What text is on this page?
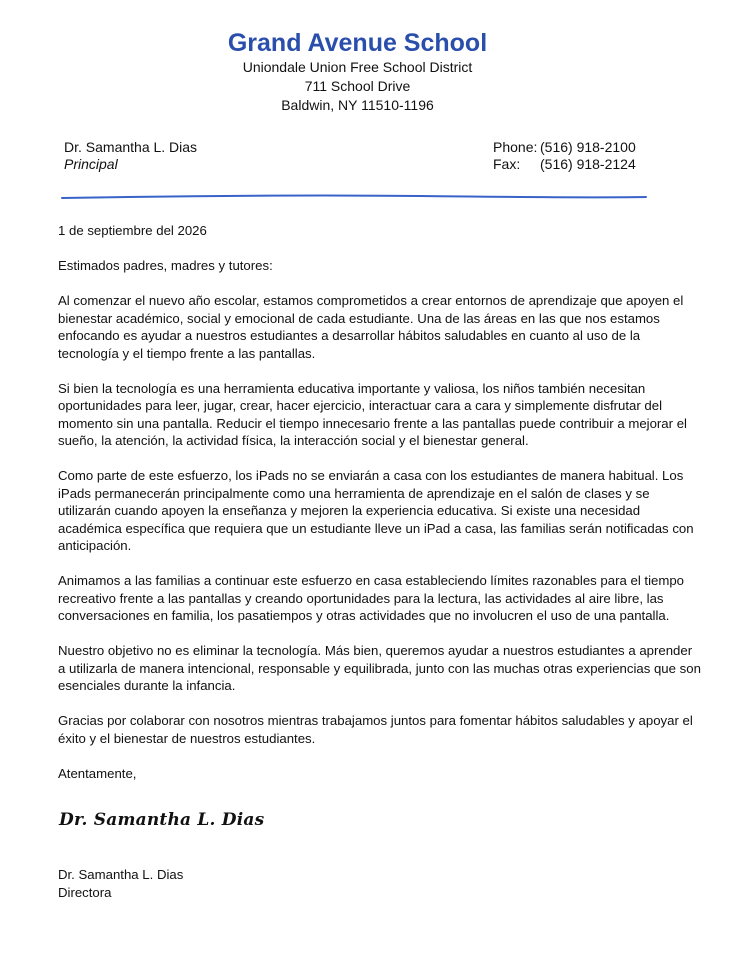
Grand Avenue School
Uniondale Union Free School District
711 School Drive
Baldwin, NY 11510-1196
Dr. Samantha L. Dias
Principal
Phone: (516) 918-2100
Fax: (516) 918-2124

1 de septiembre del 2026

Estimados padres, madres y tutores:

Al comenzar el nuevo año escolar, estamos comprometidos a crear entornos de aprendizaje que apoyen el bienestar académico, social y emocional de cada estudiante. Una de las áreas en las que nos estamos enfocando es ayudar a nuestros estudiantes a desarrollar hábitos saludables en cuanto al uso de la tecnología y el tiempo frente a las pantallas.

Si bien la tecnología es una herramienta educativa importante y valiosa, los niños también necesitan oportunidades para leer, jugar, crear, hacer ejercicio, interactuar cara a cara y simplemente disfrutar del momento sin una pantalla. Reducir el tiempo innecesario frente a las pantallas puede contribuir a mejorar el sueño, la atención, la actividad física, la interacción social y el bienestar general.

Como parte de este esfuerzo, los iPads no se enviarán a casa con los estudiantes de manera habitual. Los iPads permanecerán principalmente como una herramienta de aprendizaje en el salón de clases y se utilizarán cuando apoyen la enseñanza y mejoren la experiencia educativa. Si existe una necesidad académica específica que requiera que un estudiante lleve un iPad a casa, las familias serán notificadas con anticipación.

Animamos a las familias a continuar este esfuerzo en casa estableciendo límites razonables para el tiempo recreativo frente a las pantallas y creando oportunidades para la lectura, las actividades al aire libre, las conversaciones en familia, los pasatiempos y otras actividades que no involucren el uso de una pantalla.

Nuestro objetivo no es eliminar la tecnología. Más bien, queremos ayudar a nuestros estudiantes a aprender a utilizarla de manera intencional, responsable y equilibrada, junto con las muchas otras experiencias que son esenciales durante la infancia.

Gracias por colaborar con nosotros mientras trabajamos juntos para fomentar hábitos saludables y apoyar el éxito y el bienestar de nuestros estudiantes.

Atentamente,

Dr. Samantha L. Dias
Dr. Samantha L. Dias
Directora
